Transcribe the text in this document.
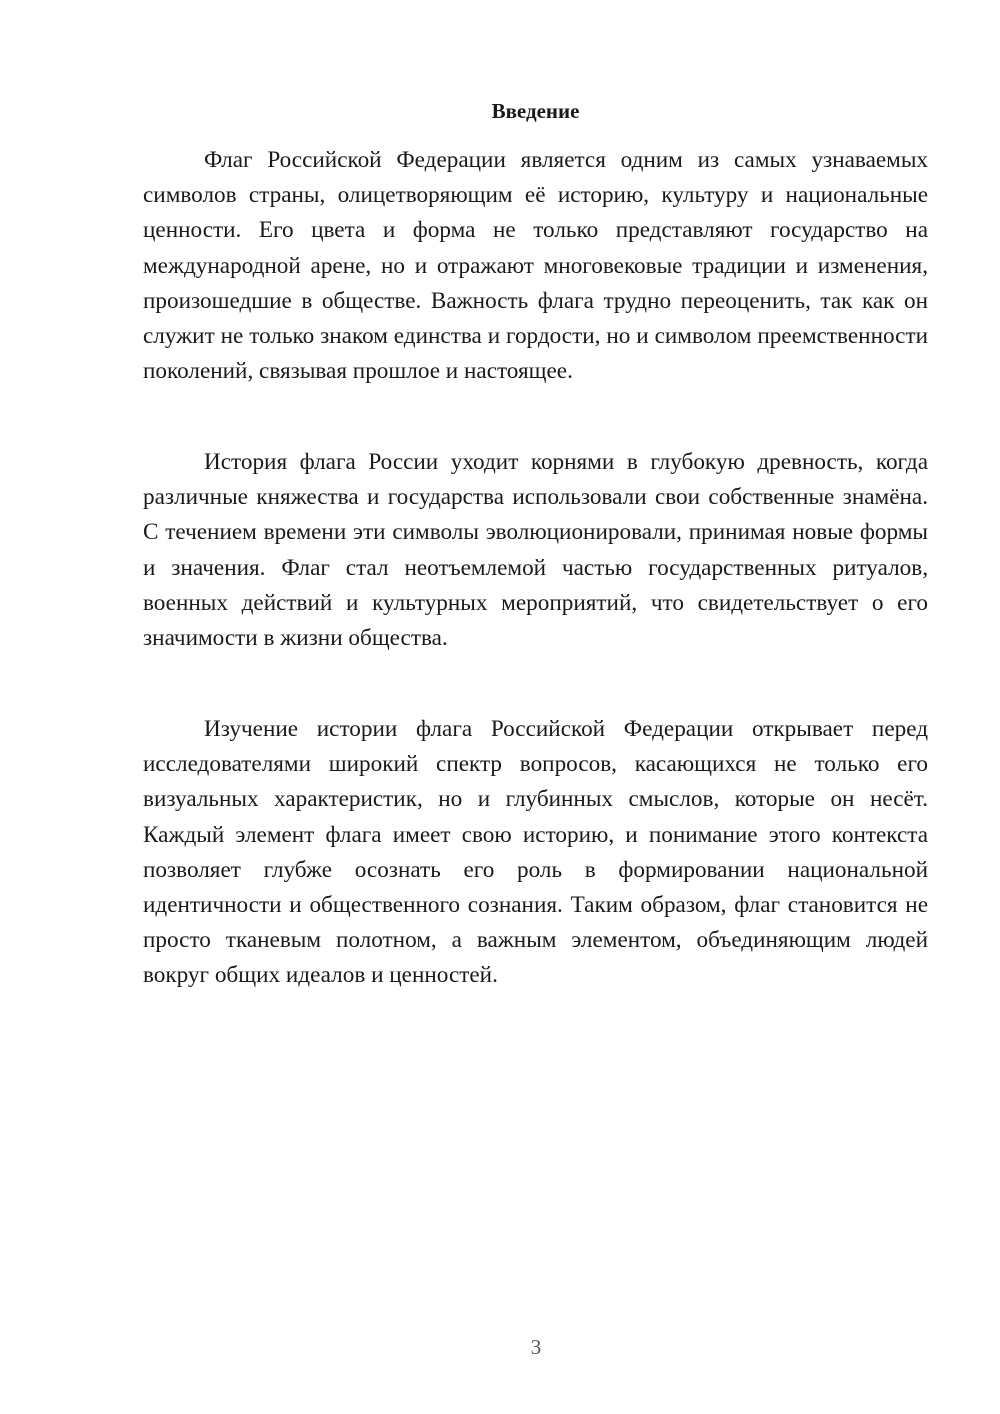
Введение

Флаг Российской Федерации является одним из самых узнаваемых символов страны, олицетворяющим её историю, культуру и национальные ценности. Его цвета и форма не только представляют государство на международной арене, но и отражают многовековые традиции и изменения, произошедшие в обществе. Важность флага трудно переоценить, так как он служит не только знаком единства и гордости, но и символом преемственности поколений, связывая прошлое и настоящее.

История флага России уходит корнями в глубокую древность, когда различные княжества и государства использовали свои собственные знамёна. С течением времени эти символы эволюционировали, принимая новые формы и значения. Флаг стал неотъемлемой частью государственных ритуалов, военных действий и культурных мероприятий, что свидетельствует о его значимости в жизни общества.

Изучение истории флага Российской Федерации открывает перед исследователями широкий спектр вопросов, касающихся не только его визуальных характеристик, но и глубинных смыслов, которые он несёт. Каждый элемент флага имеет свою историю, и понимание этого контекста позволяет глубже осознать его роль в формировании национальной идентичности и общественного сознания. Таким образом, флаг становится не просто тканевым полотном, а важным элементом, объединяющим людей вокруг общих идеалов и ценностей.

3
